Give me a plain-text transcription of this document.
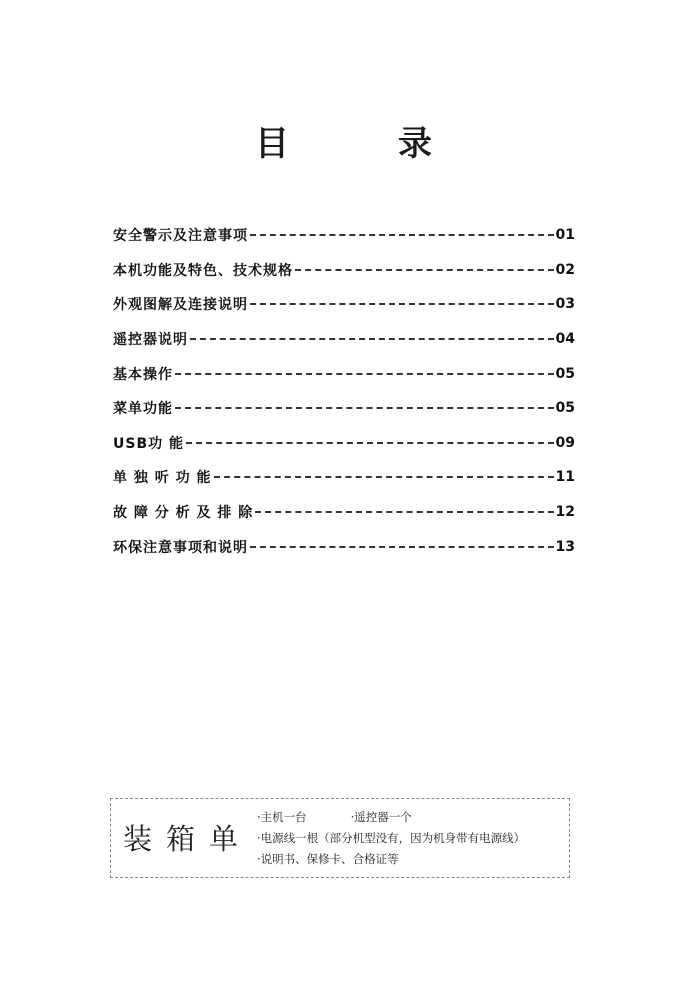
目	录
安全警示及注意事项	01
本机功能及特色、技术规格	02
外观图解及连接说明	03
遥控器说明	04
基本操作	05
菜单功能	05
USB功 能	09
单 独 听 功 能	11
故 障 分 析 及 排 除	12
环保注意事项和说明	13
装箱单
·主机一台	·遥控器一个
·电源线一根（部分机型没有，因为机身带有电源线）
·说明书、保修卡、合格证等
